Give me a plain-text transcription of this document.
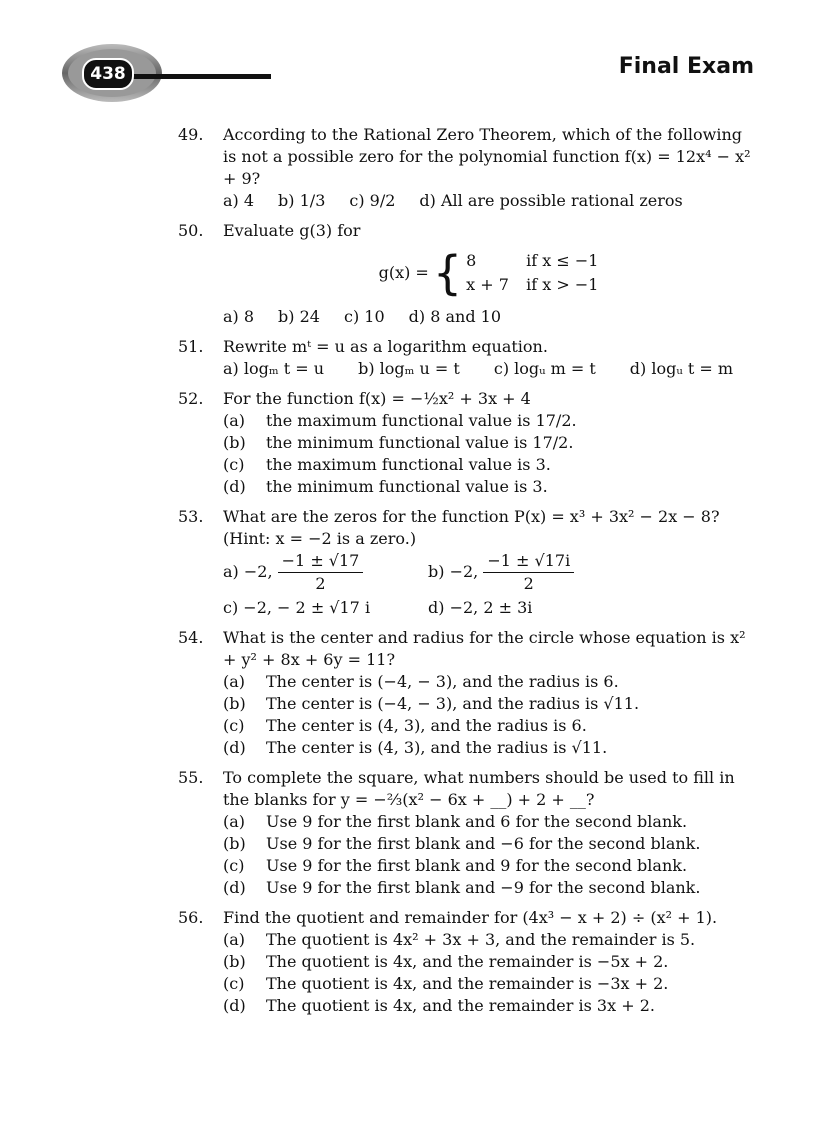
438	Final Exam
49. According to the Rational Zero Theorem, which of the following is not a possible zero for the polynomial function f(x) = 12x⁴ − x² + 9?
a) 4 b) 1/3 c) 9/2 d) All are possible rational zeros
50. Evaluate g(3) for
g(x) = { 8	if x ≤ −1
x + 7	if x > −1
a) 8 b) 24 c) 10 d) 8 and 10
51. Rewrite mᵗ = u as a logarithm equation.
a) logₘ t = u b) logₘ u = t c) logᵤ m = t d) logᵤ t = m
52. For the function f(x) = −½x² + 3x + 4
(a) the maximum functional value is 17/2.
(b) the minimum functional value is 17/2.
(c) the maximum functional value is 3.
(d) the minimum functional value is 3.
53. What are the zeros for the function P(x) = x³ + 3x² − 2x − 8? (Hint: x = −2 is a zero.)
a) −2, $\frac{-1 \pm √17}{2}$	b) −2, $\frac{-1 \pm √17i}{2}$
c) −2, − 2 ± √17 i	d) −2, 2 ± 3i
54. What is the center and radius for the circle whose equation is x² + y² + 8x + 6y = 11?
(a) The center is (−4, − 3), and the radius is 6.
(b) The center is (−4, − 3), and the radius is √11.
(c) The center is (4, 3), and the radius is 6.
(d) The center is (4, 3), and the radius is √11.
55. To complete the square, what numbers should be used to fill in the blanks for y = −⅔(x² − 6x + __) + 2 + __?
(a) Use 9 for the first blank and 6 for the second blank.
(b) Use 9 for the first blank and −6 for the second blank.
(c) Use 9 for the first blank and 9 for the second blank.
(d) Use 9 for the first blank and −9 for the second blank.
56. Find the quotient and remainder for (4x³ − x + 2) ÷ (x² + 1).
(a) The quotient is 4x² + 3x + 3, and the remainder is 5.
(b) The quotient is 4x, and the remainder is −5x + 2.
(c) The quotient is 4x, and the remainder is −3x + 2.
(d) The quotient is 4x, and the remainder is 3x + 2.
